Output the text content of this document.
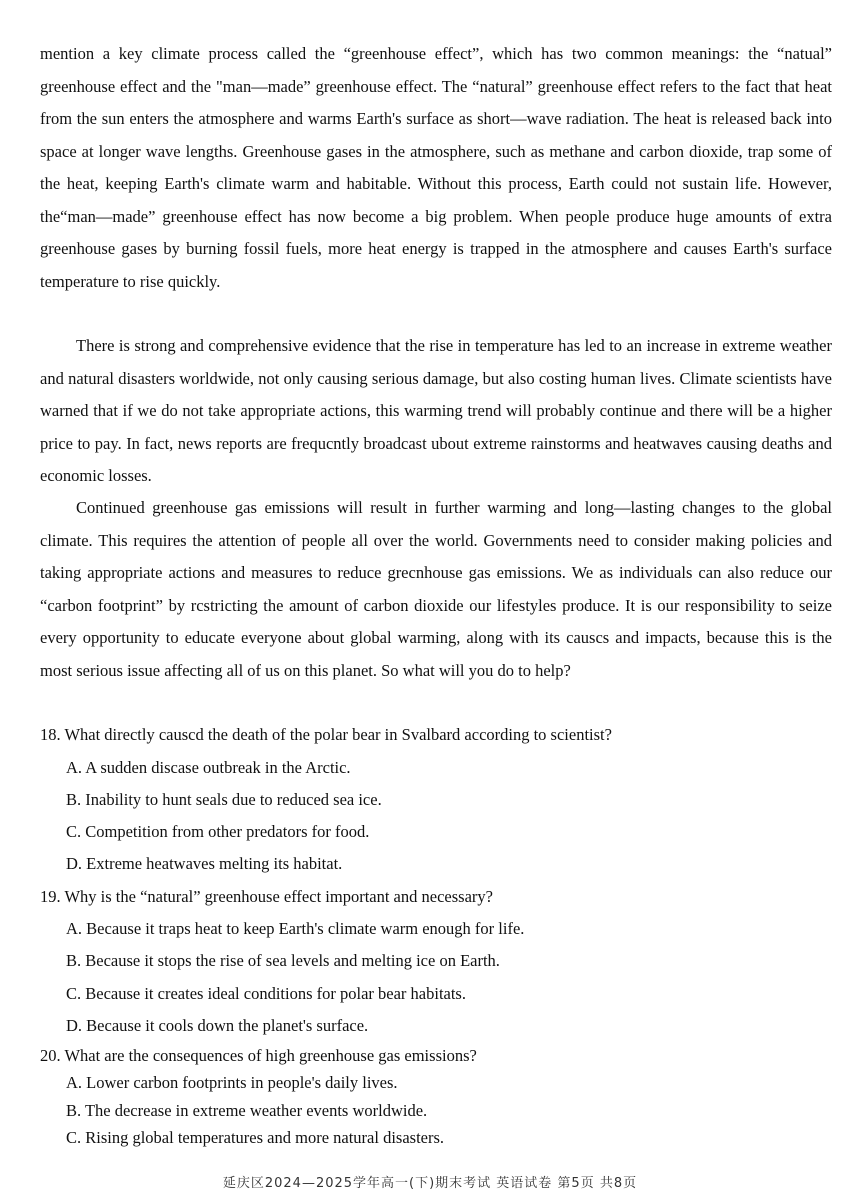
mention a key climate process called the “greenhouse effect”, which has two common meanings: the “natual” greenhouse effect and the "man—made” greenhouse effect. The “natural” greenhouse effect refers to the fact that heat from the sun enters the atmosphere and warms Earth's surface as short—wave radiation. The heat is released back into space at longer wave lengths. Greenhouse gases in the atmosphere, such as methane and carbon dioxide, trap some of the heat, keeping Earth's climate warm and habitable. Without this process, Earth could not sustain life. However, the“man—made” greenhouse effect has now become a big problem. When people produce huge amounts of extra greenhouse gases by burning fossil fuels, more heat energy is trapped in the atmosphere and causes Earth's surface temperature to rise quickly.

There is strong and comprehensive evidence that the rise in temperature has led to an increase in extreme weather and natural disasters worldwide, not only causing serious damage, but also costing human lives. Climate scientists have warned that if we do not take appropriate actions, this warming trend will probably continue and there will be a higher price to pay. In fact, news reports are frequcntly broadcast ubout extreme rainstorms and heatwaves causing deaths and economic losses.

Continued greenhouse gas emissions will result in further warming and long—lasting changes to the global climate. This requires the attention of people all over the world. Governments need to consider making policies and taking appropriate actions and measures to reduce grecnhouse gas emissions. We as individuals can also reduce our “carbon footprint” by rcstricting the amount of carbon dioxide our lifestyles produce. It is our responsibility to seize every opportunity to educate everyone about global warming, along with its causcs and impacts, because this is the most serious issue affecting all of us on this planet. So what will you do to help?

18. What directly causcd the death of the polar bear in Svalbard according to scientist?

A. A sudden discase outbreak in the Arctic.

B. Inability to hunt seals due to reduced sea ice.

C. Competition from other predators for food.

D. Extreme heatwaves melting its habitat.

19. Why is the “natural” greenhouse effect important and necessary?

A. Because it traps heat to keep Earth's climate warm enough for life.

B. Because it stops the rise of sea levels and melting ice on Earth.

C. Because it creates ideal conditions for polar bear habitats.

D. Because it cools down the planet's surface.

20. What are the consequences of high greenhouse gas emissions?

A. Lower carbon footprints in people's daily lives.

B. The decrease in extreme weather events worldwide.

C. Rising global temperatures and more natural disasters.

延庆区2024—2025学年高一(下)期末考试 英语试卷 第5页 共8页
